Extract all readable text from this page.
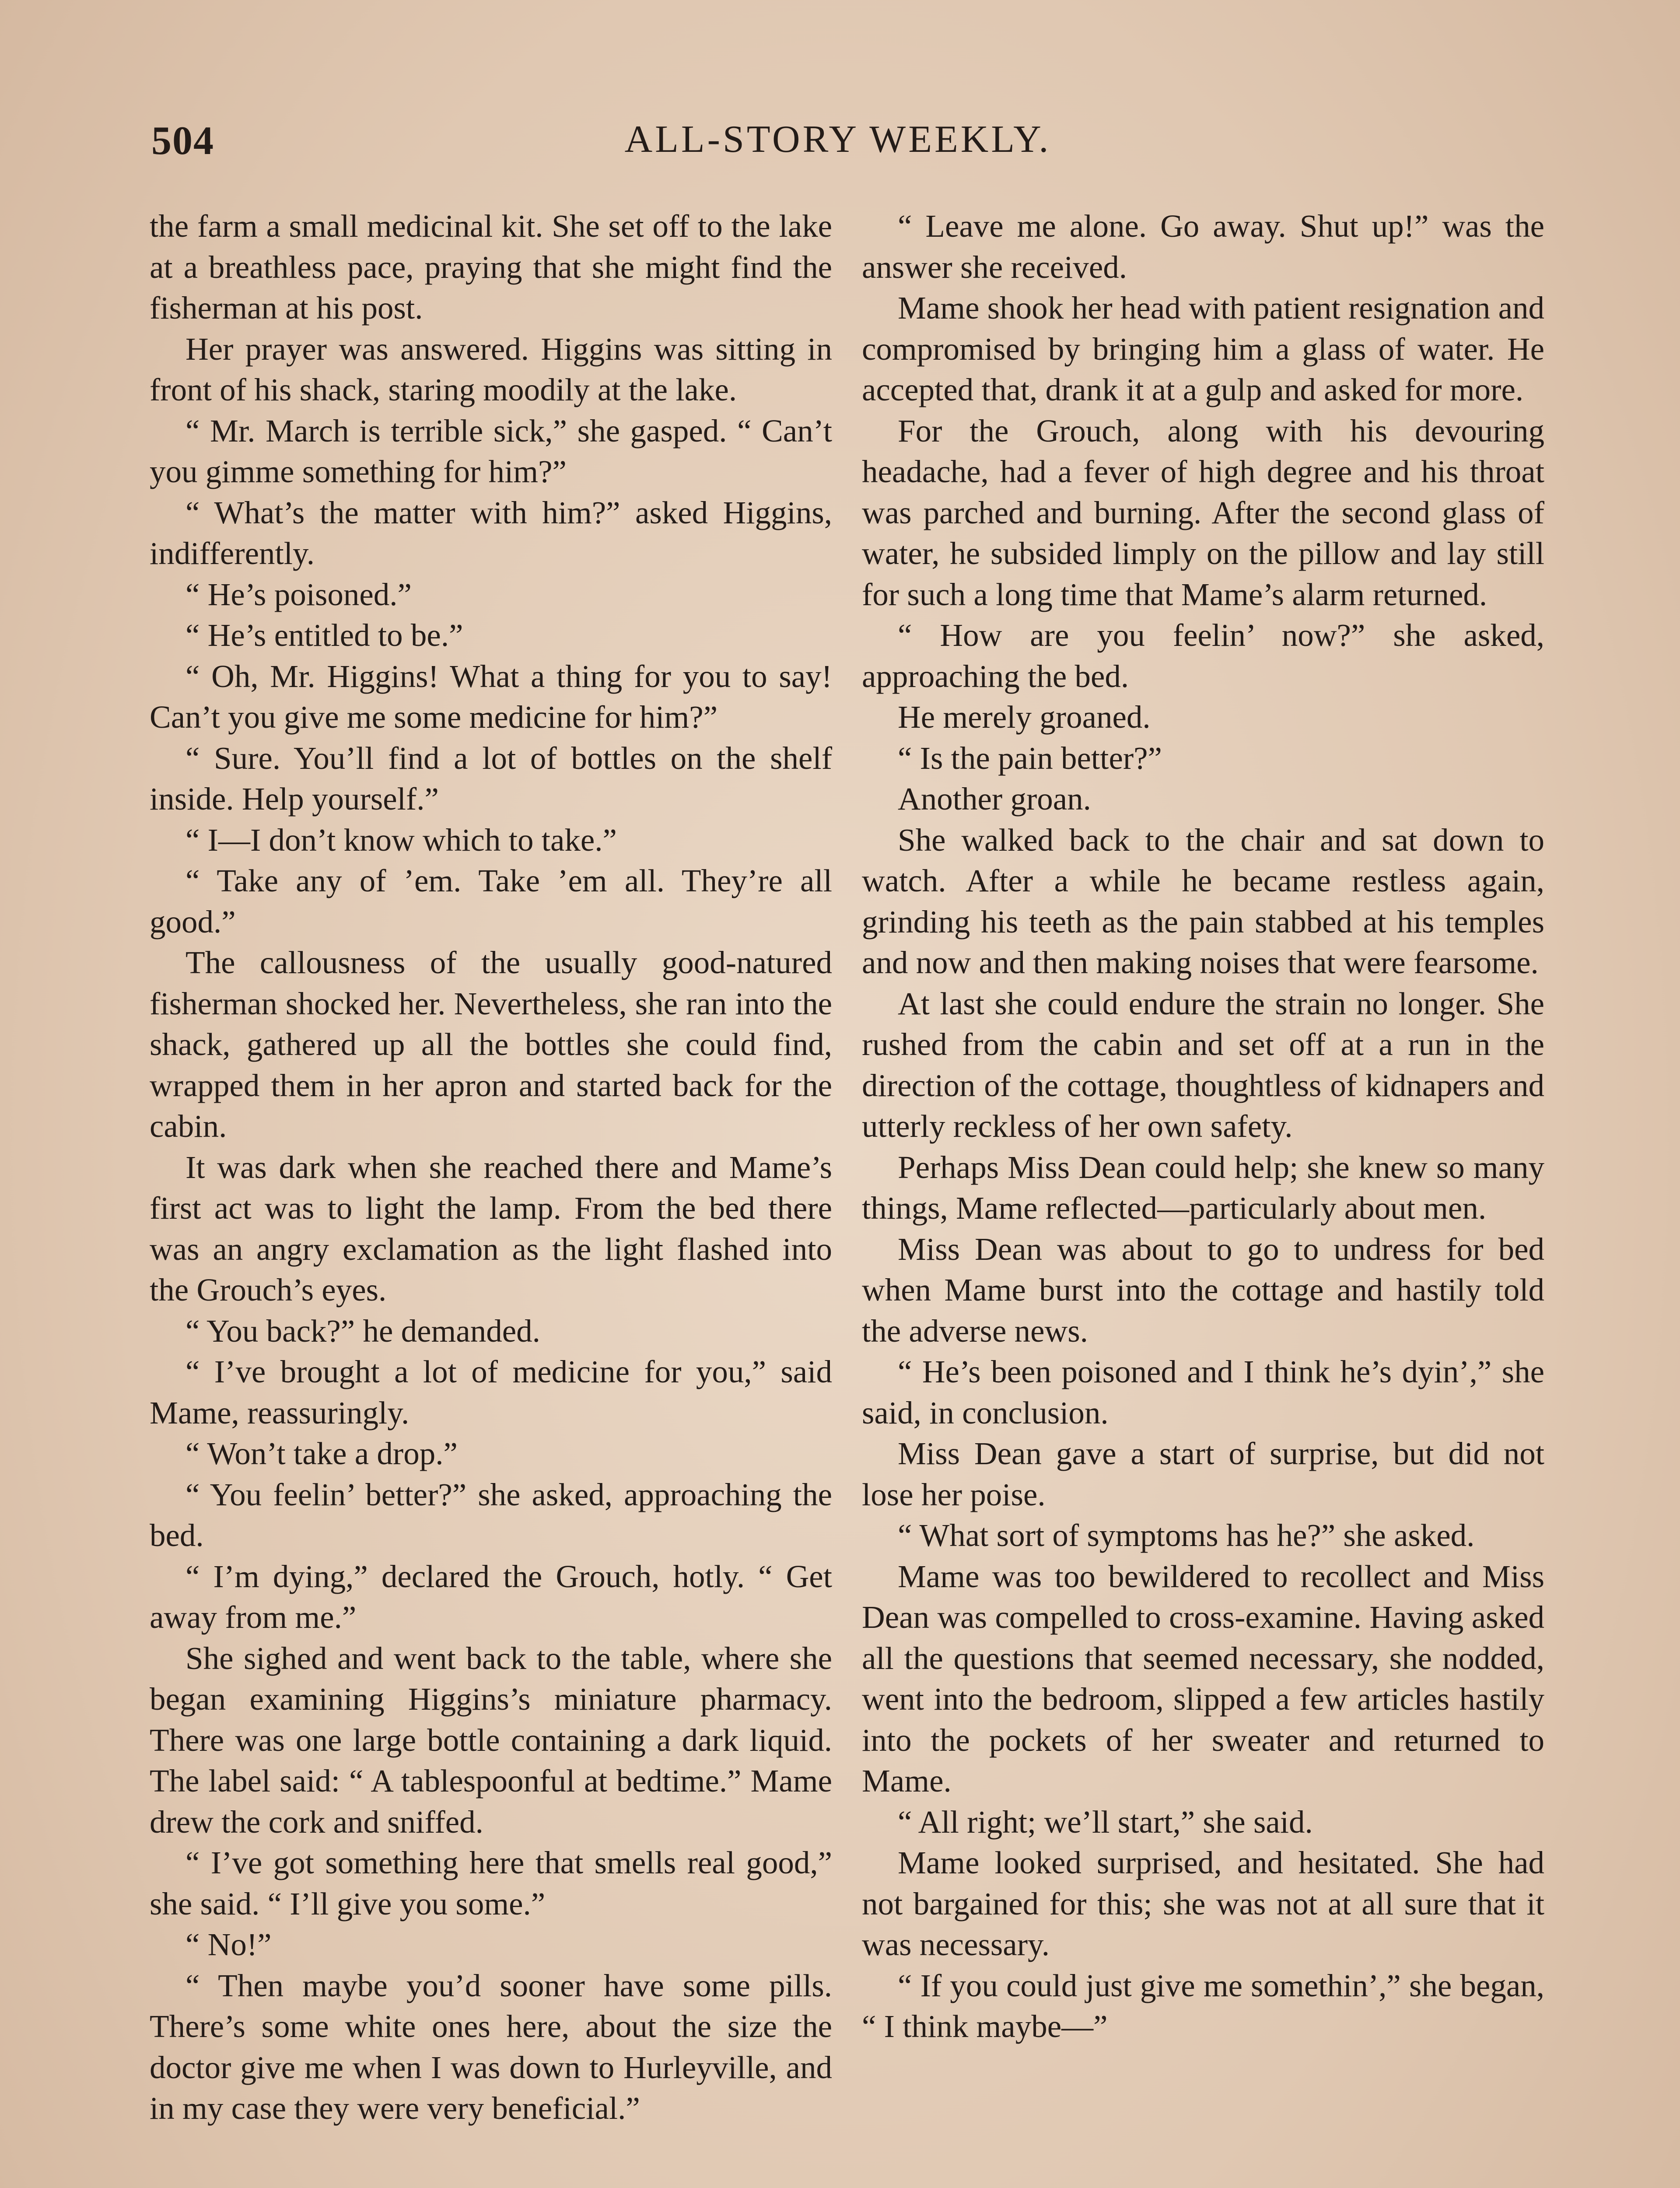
504	ALL-STORY WEEKLY.

the farm a small medicinal kit. She set off to the lake at a breathless pace, praying that she might find the fisherman at his post.

Her prayer was answered. Higgins was sitting in front of his shack, staring moodily at the lake.

“ Mr. March is terrible sick,” she gasped. “ Can’t you gimme something for him?”

“ What’s the matter with him?” asked Higgins, indifferently.

“ He’s poisoned.”

“ He’s entitled to be.”

“ Oh, Mr. Higgins! What a thing for you to say! Can’t you give me some medicine for him?”

“ Sure. You’ll find a lot of bottles on the shelf inside. Help yourself.”

“ I—I don’t know which to take.”

“ Take any of ’em. Take ’em all. They’re all good.”

The callousness of the usually good-natured fisherman shocked her. Nevertheless, she ran into the shack, gathered up all the bottles she could find, wrapped them in her apron and started back for the cabin.

It was dark when she reached there and Mame’s first act was to light the lamp. From the bed there was an angry exclamation as the light flashed into the Grouch’s eyes.

“ You back?” he demanded.

“ I’ve brought a lot of medicine for you,” said Mame, reassuringly.

“ Won’t take a drop.”

“ You feelin’ better?” she asked, approaching the bed.

“ I’m dying,” declared the Grouch, hotly. “ Get away from me.”

She sighed and went back to the table, where she began examining Higgins’s miniature pharmacy. There was one large bottle containing a dark liquid. The label said: “ A tablespoonful at bedtime.” Mame drew the cork and sniffed.

“ I’ve got something here that smells real good,” she said. “ I’ll give you some.”

“ No!”

“ Then maybe you’d sooner have some pills. There’s some white ones here, about the size the doctor give me when I was down to Hurleyville, and in my case they were very beneficial.”

“ Leave me alone. Go away. Shut up!” was the answer she received.

Mame shook her head with patient resignation and compromised by bringing him a glass of water. He accepted that, drank it at a gulp and asked for more.

For the Grouch, along with his devouring headache, had a fever of high degree and his throat was parched and burning. After the second glass of water, he subsided limply on the pillow and lay still for such a long time that Mame’s alarm returned.

“ How are you feelin’ now?” she asked, approaching the bed.

He merely groaned.

“ Is the pain better?”

Another groan.

She walked back to the chair and sat down to watch. After a while he became restless again, grinding his teeth as the pain stabbed at his temples and now and then making noises that were fearsome.

At last she could endure the strain no longer. She rushed from the cabin and set off at a run in the direction of the cottage, thoughtless of kidnapers and utterly reckless of her own safety.

Perhaps Miss Dean could help; she knew so many things, Mame reflected—particularly about men.

Miss Dean was about to go to undress for bed when Mame burst into the cottage and hastily told the adverse news.

“ He’s been poisoned and I think he’s dyin’,” she said, in conclusion.

Miss Dean gave a start of surprise, but did not lose her poise.

“ What sort of symptoms has he?” she asked.

Mame was too bewildered to recollect and Miss Dean was compelled to cross-examine. Having asked all the questions that seemed necessary, she nodded, went into the bedroom, slipped a few articles hastily into the pockets of her sweater and returned to Mame.

“ All right; we’ll start,” she said.

Mame looked surprised, and hesitated. She had not bargained for this; she was not at all sure that it was necessary.

“ If you could just give me somethin’,” she began, “ I think maybe—”
